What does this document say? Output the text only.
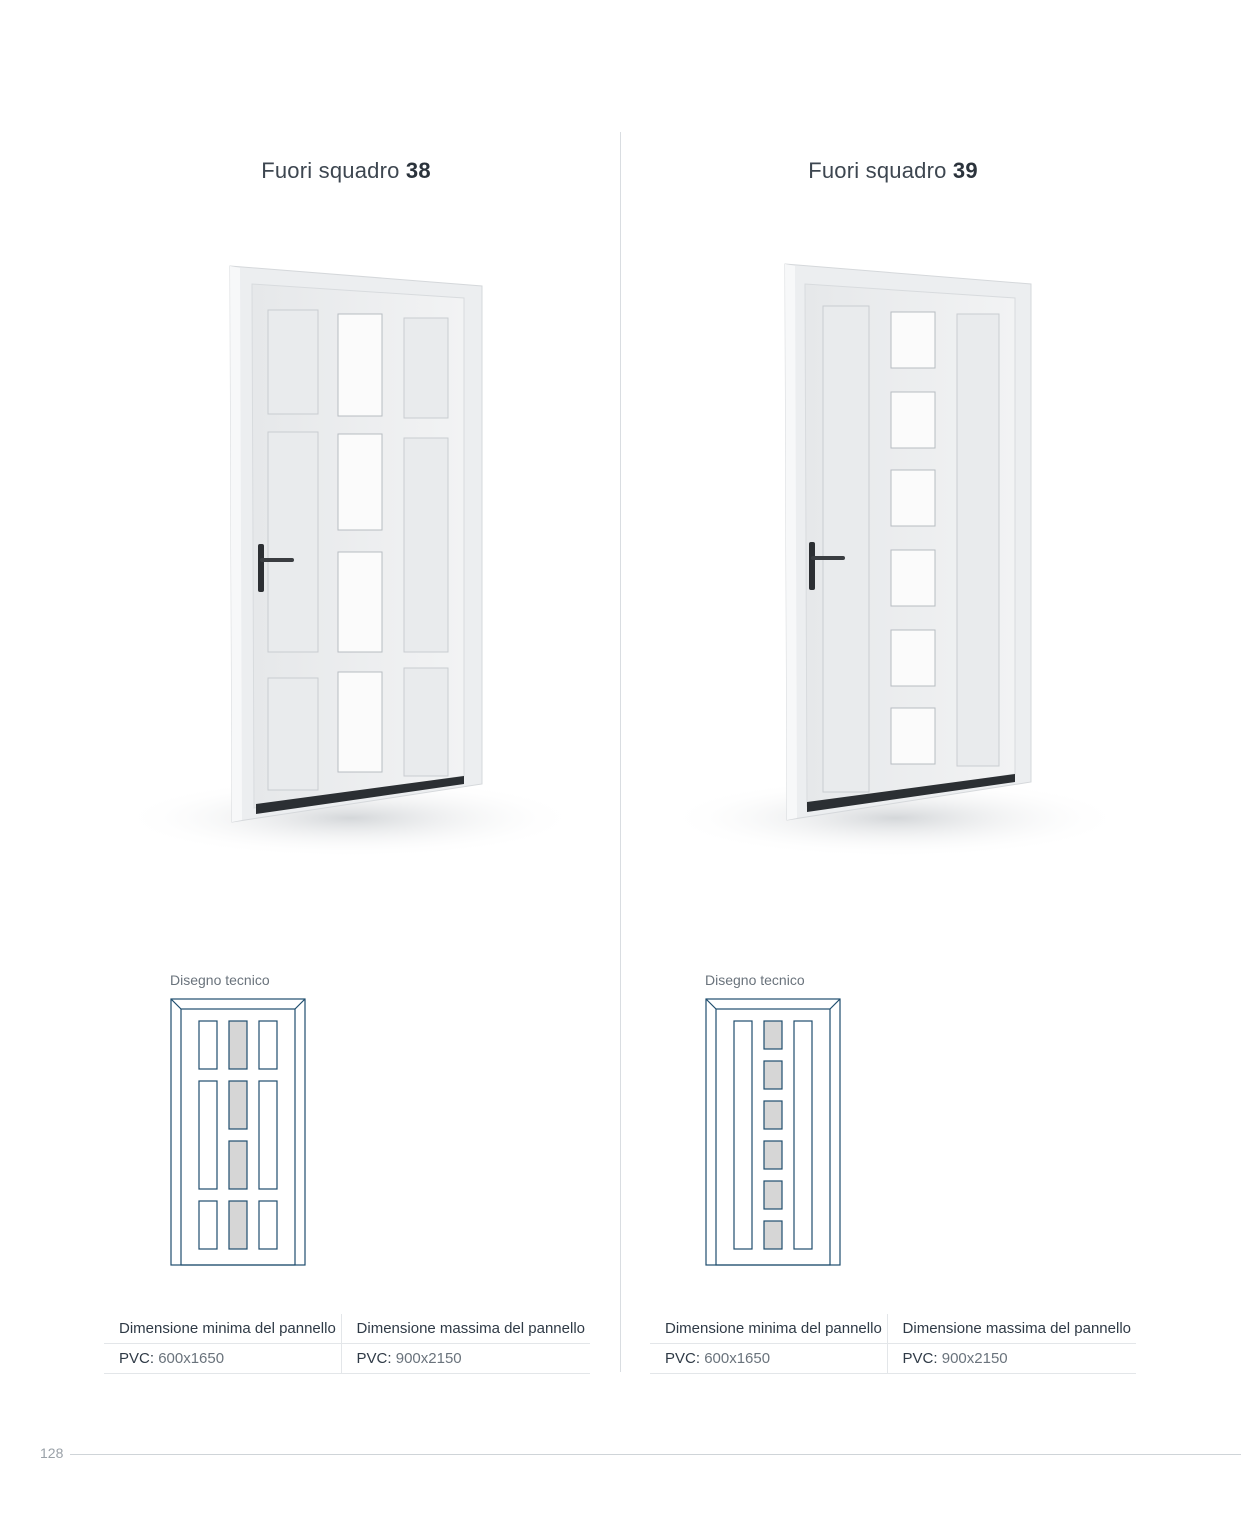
Fuori squadro 38
Disegno tecnico
Dimensione minima del pannello	Dimensione massima del pannello
PVC: 600x1650	PVC: 900x2150
Fuori squadro 39
Disegno tecnico
Dimensione minima del pannello	Dimensione massima del pannello
PVC: 600x1650	PVC: 900x2150
128
